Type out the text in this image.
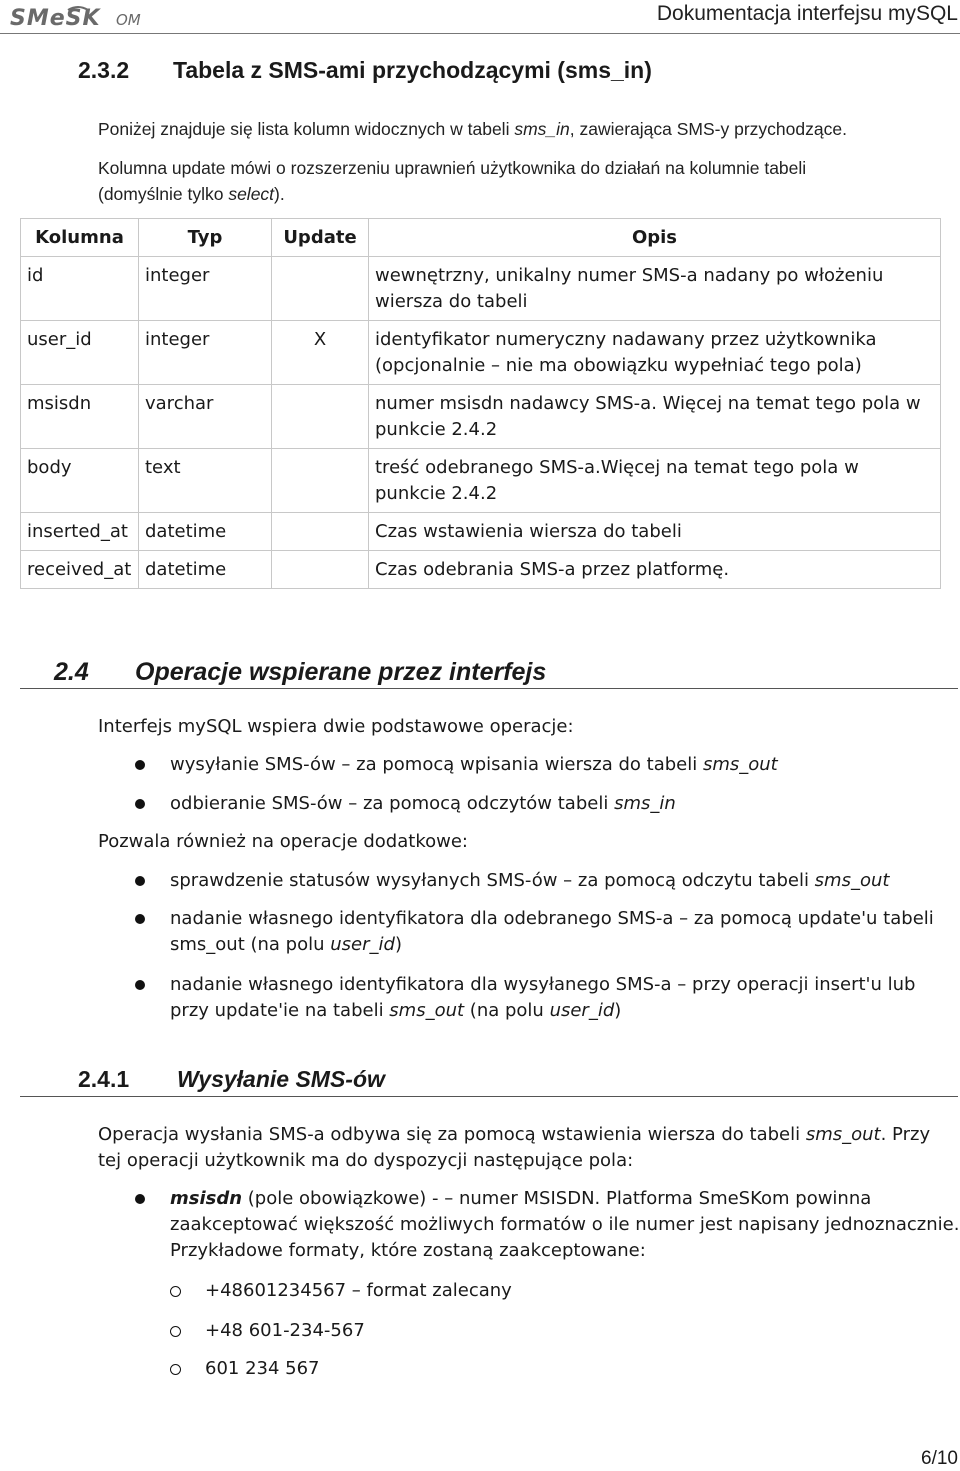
SMeSK OM	Dokumentacja interfejsu mySQL
2.3.2 Tabela z SMS-ami przychodzącymi (sms_in)
Poniżej znajduje się lista kolumn widocznych w tabeli sms_in, zawierająca SMS-y przychodzące.
Kolumna update mówi o rozszerzeniu uprawnień użytkownika do działań na kolumnie tabeli
(domyślnie tylko select).
Kolumna	Typ	Update	Opis
id	integer		wewnętrzny, unikalny numer SMS-a nadany po włożeniu wiersza do tabeli
user_id	integer	X	identyfikator numeryczny nadawany przez użytkownika (opcjonalnie – nie ma obowiązku wypełniać tego pola)
msisdn	varchar		numer msisdn nadawcy SMS-a. Więcej na temat tego pola w punkcie 2.4.2
body	text		treść odebranego SMS-a.Więcej na temat tego pola w punkcie 2.4.2
inserted_at	datetime		Czas wstawienia wiersza do tabeli
received_at	datetime		Czas odebrania SMS-a przez platformę.
2.4 Operacje wspierane przez interfejs
Interfejs mySQL wspiera dwie podstawowe operacje:
wysyłanie SMS-ów – za pomocą wpisania wiersza do tabeli sms_out
odbieranie SMS-ów – za pomocą odczytów tabeli sms_in
Pozwala również na operacje dodatkowe:
sprawdzenie statusów wysyłanych SMS-ów – za pomocą odczytu tabeli sms_out
nadanie własnego identyfikatora dla odebranego SMS-a – za pomocą update'u tabeli sms_out (na polu user_id)
nadanie własnego identyfikatora dla wysyłanego SMS-a – przy operacji insert'u lub przy update'ie na tabeli sms_out (na polu user_id)
2.4.1 Wysyłanie SMS-ów
Operacja wysłania SMS-a odbywa się za pomocą wstawienia wiersza do tabeli sms_out. Przy tej operacji użytkownik ma do dyspozycji następujące pola:
msisdn (pole obowiązkowe) - – numer MSISDN. Platforma SmeSKom powinna zaakceptować większość możliwych formatów o ile numer jest napisany jednoznacznie. Przykładowe formaty, które zostaną zaakceptowane:
+48601234567 – format zalecany
+48 601-234-567
601 234 567
6/10
